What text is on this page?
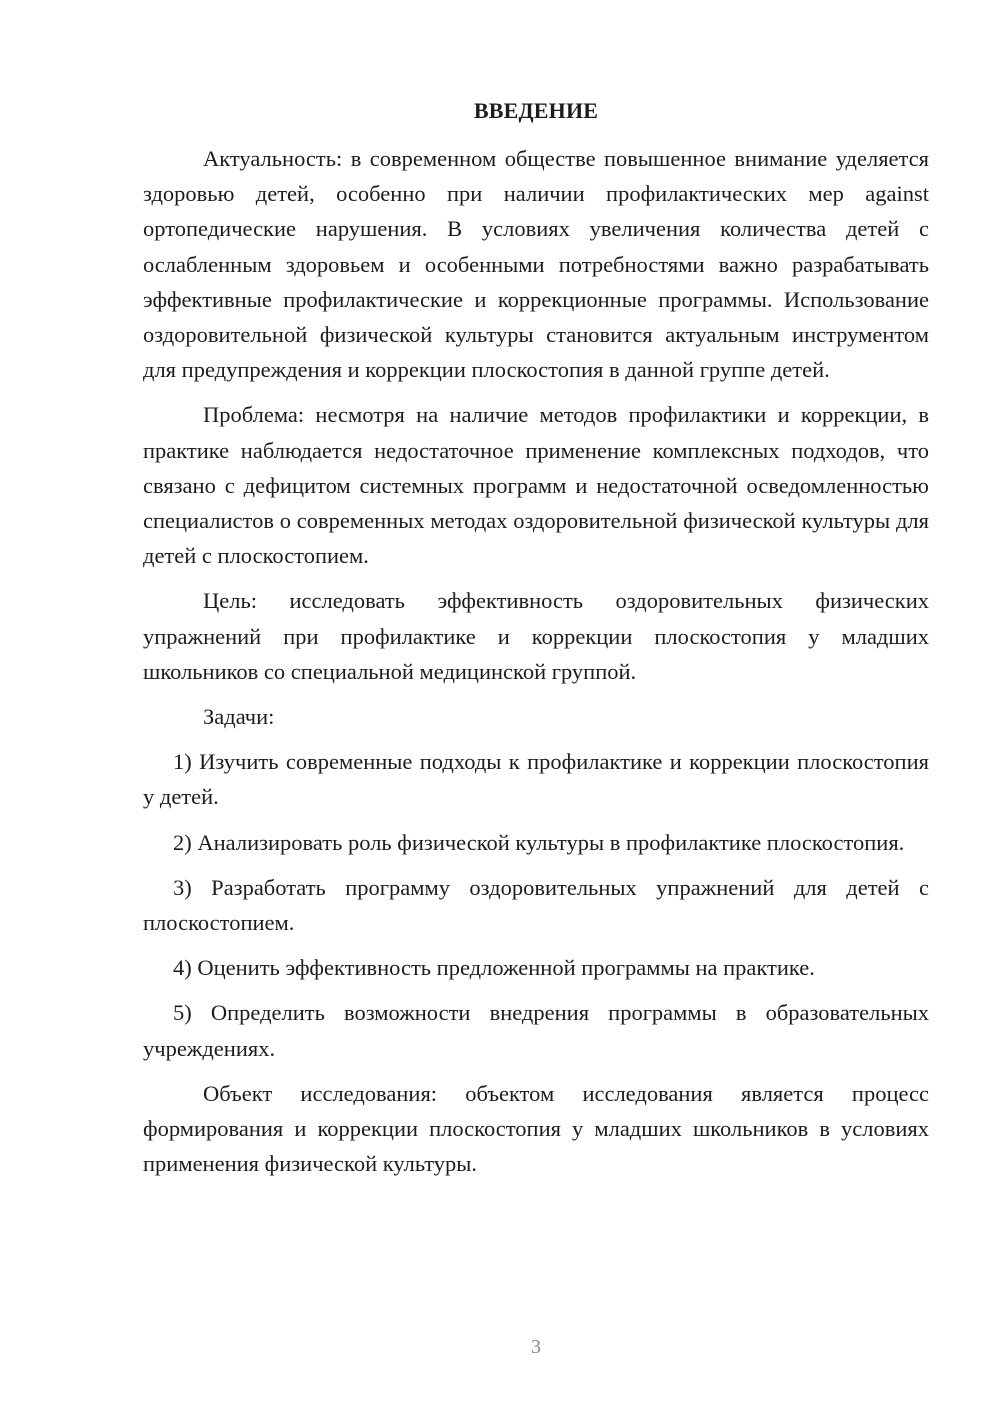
ВВЕДЕНИЕ

Актуальность: в современном обществе повышенное внимание уделяется здоровью детей, особенно при наличии профилактических мер against ортопедические нарушения. В условиях увеличения количества детей с ослабленным здоровьем и особенными потребностями важно разрабатывать эффективные профилактические и коррекционные программы. Использование оздоровительной физической культуры становится актуальным инструментом для предупреждения и коррекции плоскостопия в данной группе детей.

Проблема: несмотря на наличие методов профилактики и коррекции, в практике наблюдается недостаточное применение комплексных подходов, что связано с дефицитом системных программ и недостаточной осведомленностью специалистов о современных методах оздоровительной физической культуры для детей с плоскостопием.

Цель: исследовать эффективность оздоровительных физических упражнений при профилактике и коррекции плоскостопия у младших школьников со специальной медицинской группой.

Задачи:

1) Изучить современные подходы к профилактике и коррекции плоскостопия у детей.

2) Анализировать роль физической культуры в профилактике плоскостопия.

3) Разработать программу оздоровительных упражнений для детей с плоскостопием.

4) Оценить эффективность предложенной программы на практике.

5) Определить возможности внедрения программы в образовательных учреждениях.

Объект исследования: объектом исследования является процесс формирования и коррекции плоскостопия у младших школьников в условиях применения физической культуры.

3
